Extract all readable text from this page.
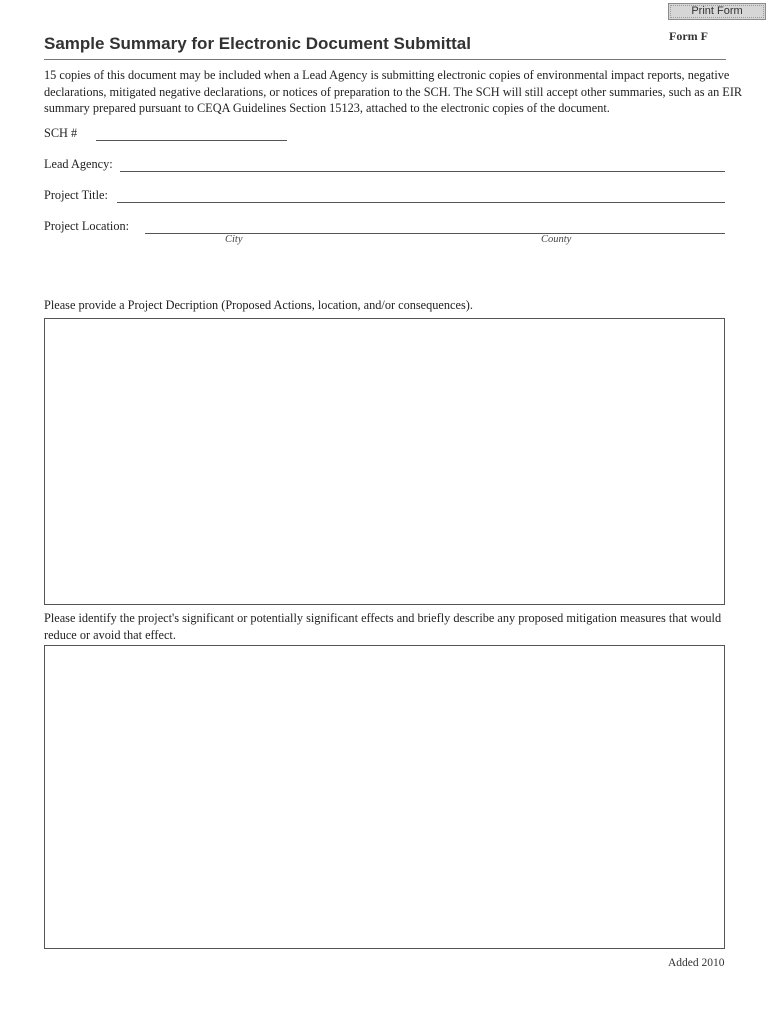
Print Form
Sample Summary for Electronic Document Submittal	Form F

15 copies of this document may be included when a Lead Agency is submitting electronic copies of environmental impact reports, negative declarations, mitigated negative declarations, or notices of preparation to the SCH. The SCH will still accept other summaries, such as an EIR summary prepared pursuant to CEQA Guidelines Section 15123, attached to the electronic copies of the document.

SCH #
Lead Agency:
Project Title:
Project Location:
City	County

Please provide a Project Decription (Proposed Actions, location, and/or consequences).

Please identify the project's significant or potentially significant effects and briefly describe any proposed mitigation measures that would reduce or avoid that effect.

Added 2010
